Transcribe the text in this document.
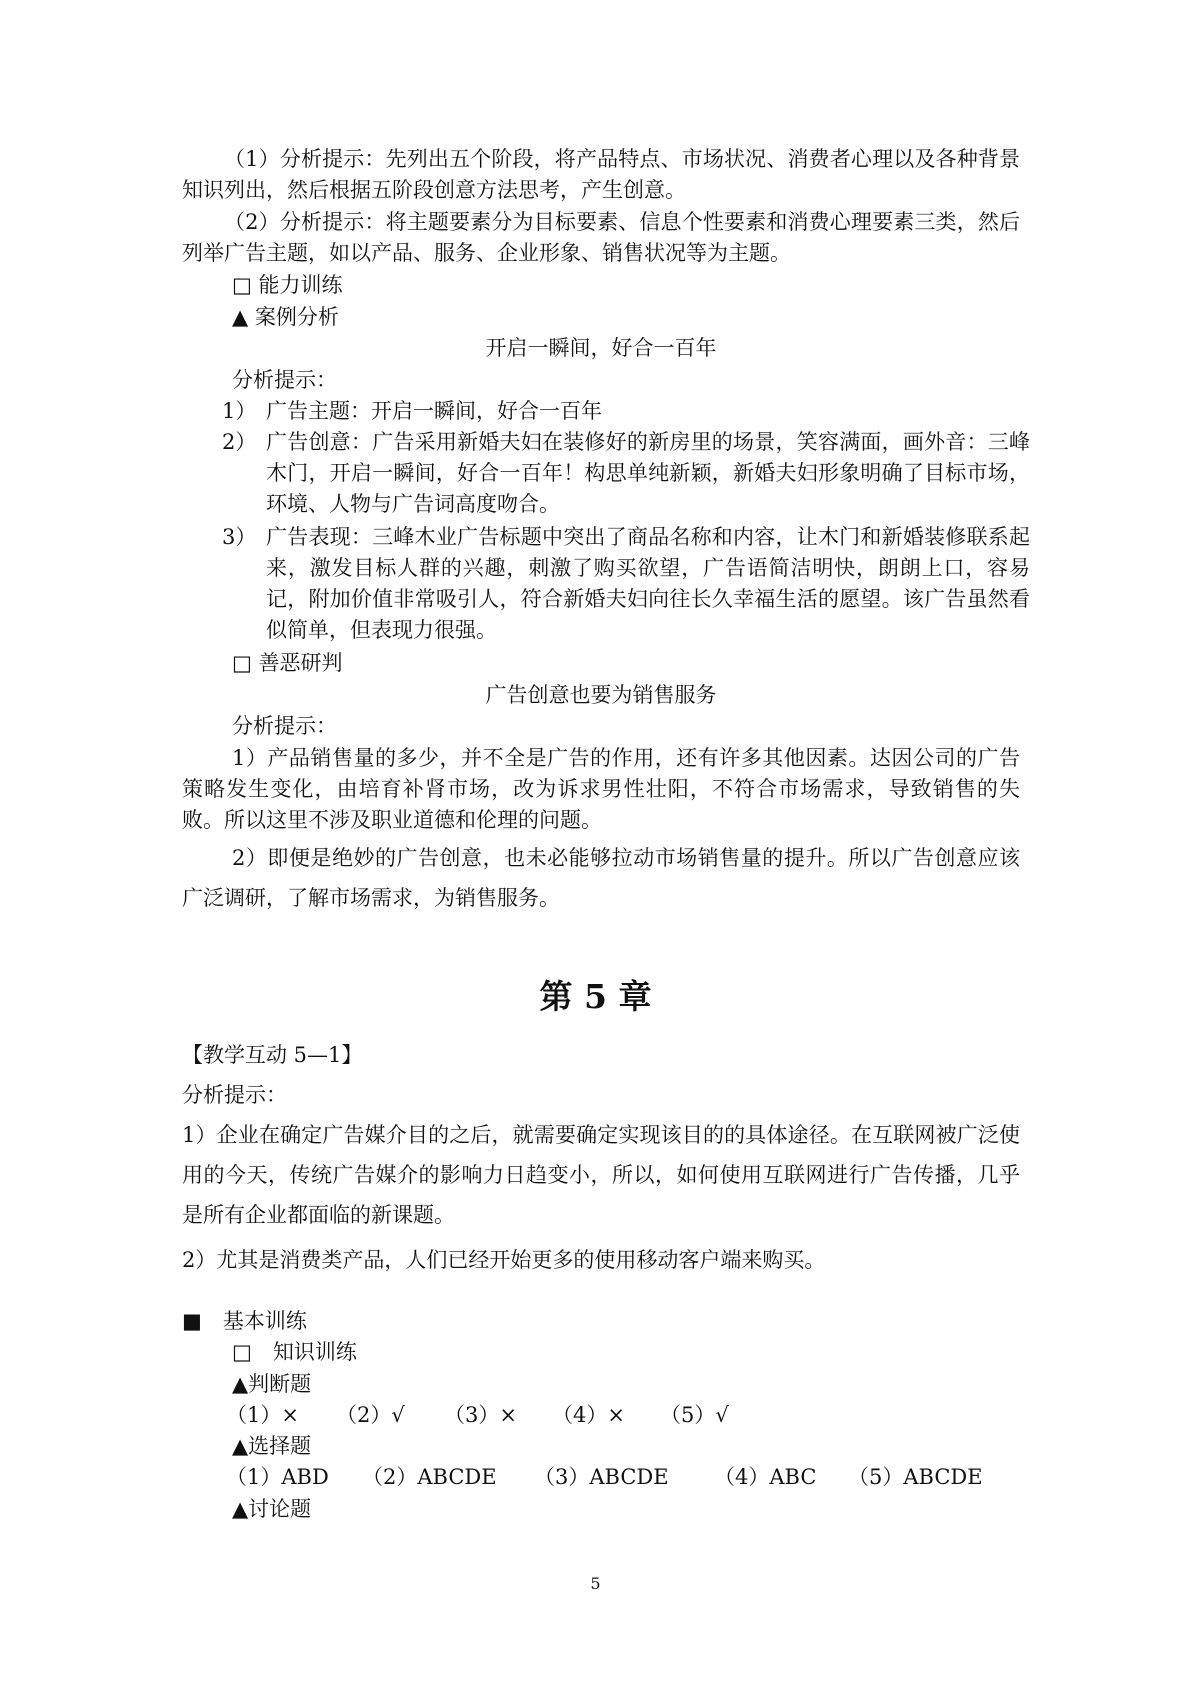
（1）分析提示：先列出五个阶段，将产品特点、市场状况、消费者心理以及各种背景知识列出，然后根据五阶段创意方法思考，产生创意。

（2）分析提示：将主题要素分为目标要素、信息个性要素和消费心理要素三类，然后列举广告主题，如以产品、服务、企业形象、销售状况等为主题。

□ 能力训练
▲ 案例分析
开启一瞬间，好合一百年
分析提示：
1） 广告主题：开启一瞬间，好合一百年
2） 广告创意：广告采用新婚夫妇在装修好的新房里的场景，笑容满面，画外音：三峰木门，开启一瞬间，好合一百年！构思单纯新颖，新婚夫妇形象明确了目标市场，环境、人物与广告词高度吻合。
3） 广告表现：三峰木业广告标题中突出了商品名称和内容，让木门和新婚装修联系起来，激发目标人群的兴趣，刺激了购买欲望，广告语简洁明快，朗朗上口，容易记，附加价值非常吸引人，符合新婚夫妇向往长久幸福生活的愿望。该广告虽然看似简单，但表现力很强。
□ 善恶研判
广告创意也要为销售服务
分析提示：

1）产品销售量的多少，并不全是广告的作用，还有许多其他因素。达因公司的广告策略发生变化，由培育补肾市场，改为诉求男性壮阳，不符合市场需求，导致销售的失败。所以这里不涉及职业道德和伦理的问题。

2）即便是绝妙的广告创意，也未必能够拉动市场销售量的提升。所以广告创意应该广泛调研，了解市场需求，为销售服务。

第 5 章
【教学互动 5—1】
分析提示：

1）企业在确定广告媒介目的之后，就需要确定实现该目的的具体途径。在互联网被广泛使用的今天，传统广告媒介的影响力日趋变小，所以，如何使用互联网进行广告传播，几乎是所有企业都面临的新课题。

2）尤其是消费类产品，人们已经开始更多的使用移动客户端来购买。

■　基本训练
□　知识训练
▲判断题
（1）× （2）√ （3）× （4）× （5）√
▲选择题
（1）ABD （2）ABCDE （3）ABCDE （4）ABC （5）ABCDE
▲讨论题
5
